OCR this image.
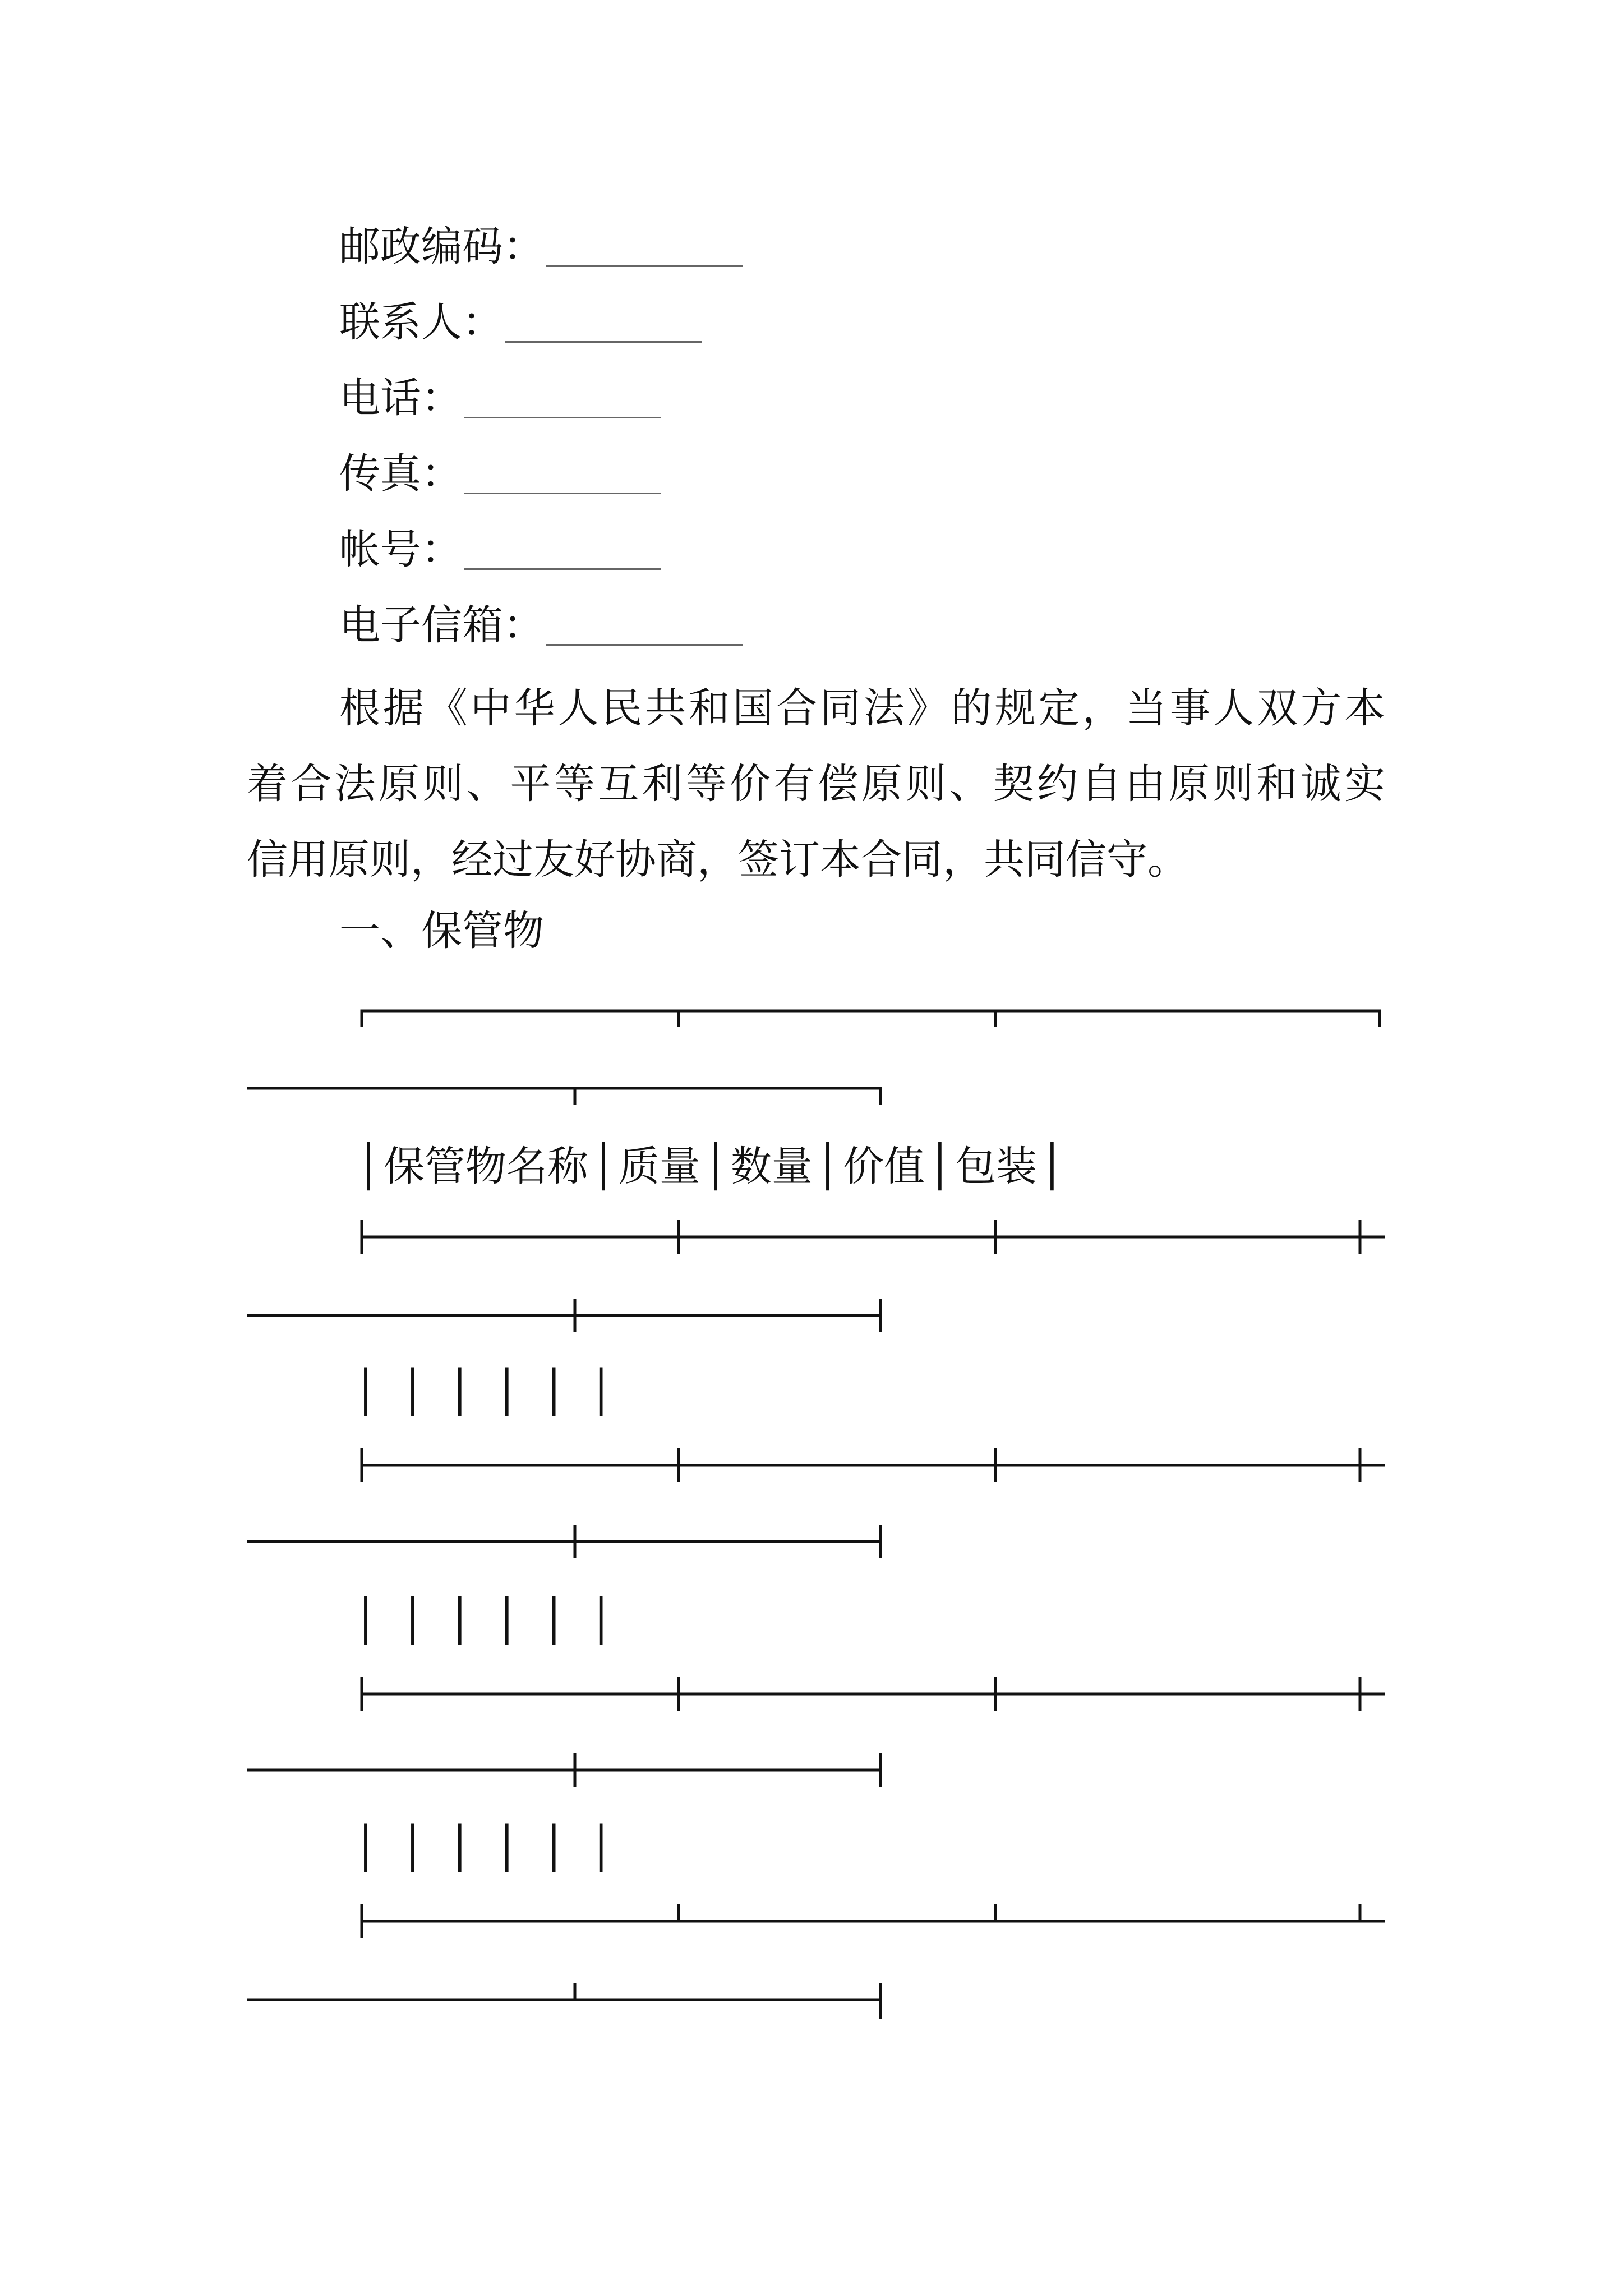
邮政编码：
联系人：
电话：
传真：
帐号：
电子信箱：
根据《中华人民共和国合同法》的规定，当事人双方本
着合法原则、平等互利等价有偿原则、契约自由原则和诚实
信用原则，经过友好协商，签订本合同，共同信守。
一、保管物
│保管物名称│质量│数量│价值│包装│
││││││
││││││
││││││
